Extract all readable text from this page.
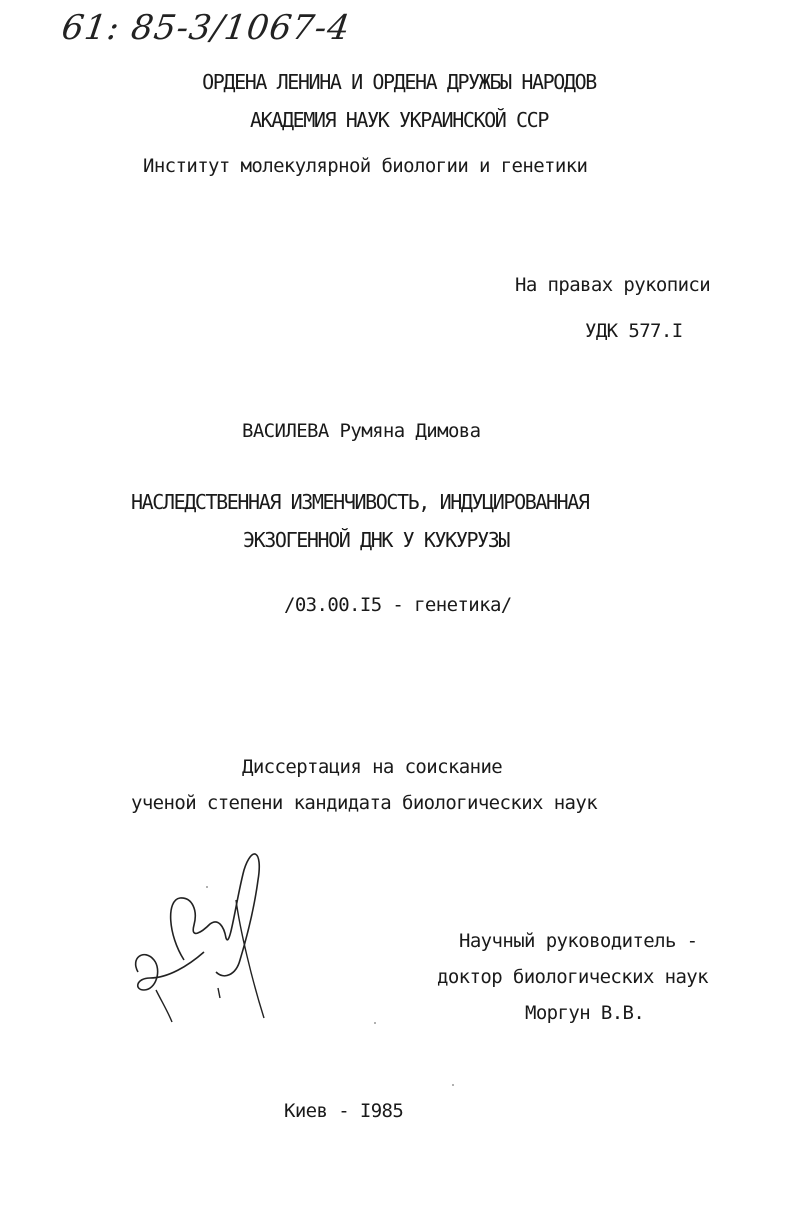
61: 85-3/1067-4
ОРДЕНА ЛЕНИНА И ОРДЕНА ДРУЖБЫ НАРОДОВ
АКАДЕМИЯ НАУК УКРАИНСКОЙ ССР
Институт молекулярной биологии и генетики
На правах рукописи
УДК 577.I
ВАСИЛЕВА Румяна Димова
НАСЛЕДСТВЕННАЯ ИЗМЕНЧИВОСТЬ, ИНДУЦИРОВАННАЯ
ЭКЗОГЕННОЙ ДНК У КУКУРУЗЫ
/03.00.I5 - генетика/
Диссертация на соискание
ученой степени кандидата биологических наук
Научный руководитель -
доктор биологических наук
Моргун В.В.
Киев - I985
